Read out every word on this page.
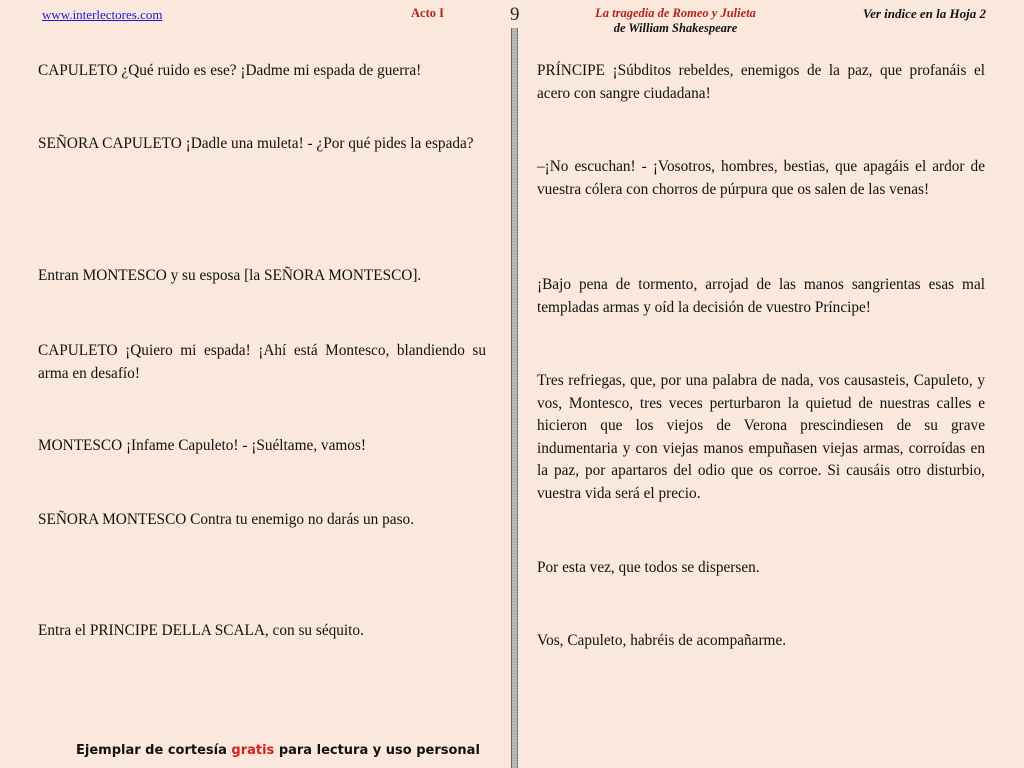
www.interlectores.com	Acto I	9	La tragedia de Romeo y Julieta
de William Shakespeare
Ver indice en la Hoja 2

CAPULETO ¿Qué ruido es ese? ¡Dadme mi espada de guerra!

SEÑORA CAPULETO ¡Dadle una muleta! - ¿Por qué pides la espada?

Entran MONTESCO y su esposa [la SEÑORA MONTESCO].

CAPULETO ¡Quiero mi espada! ¡Ahí está Montesco, blandiendo su arma en desafío!

MONTESCO ¡Infame Capuleto! - ¡Suéltame, vamos!

SEÑORA MONTESCO Contra tu enemigo no darás un paso.

Entra el PRINCIPE DELLA SCALA, con su séquito.

PRÍNCIPE ¡Súbditos rebeldes, enemigos de la paz, que profanáis el acero con sangre ciudadana!

–¡No escuchan! - ¡Vosotros, hombres, bestias, que apagáis el ardor de vuestra cólera con chorros de púrpura que os salen de las venas!

¡Bajo pena de tormento, arrojad de las manos sangrientas esas mal templadas armas y oíd la decisión de vuestro Príncipe!

Tres refriegas, que, por una palabra de nada, vos causasteis, Capuleto, y vos, Montesco, tres veces perturbaron la quietud de nuestras calles e hicieron que los viejos de Verona prescindiesen de su grave indumentaria y con viejas manos empuñasen viejas armas, corroídas en la paz, por apartaros del odio que os corroe. Si causáis otro disturbio, vuestra vida será el precio.

Por esta vez, que todos se dispersen.

Vos, Capuleto, habréis de acompañarme.

Ejemplar de cortesía gratis para lectura y uso personal
